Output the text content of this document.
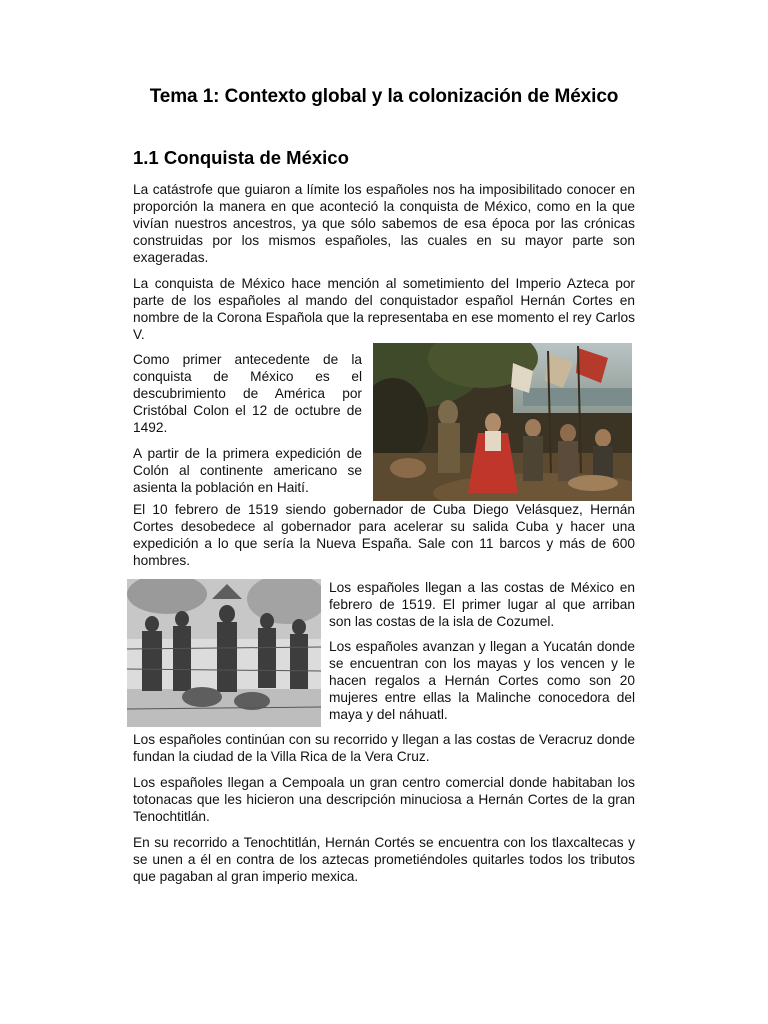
Tema 1: Contexto global y la colonización de México
1.1 Conquista de México

La catástrofe que guiaron a límite los españoles nos ha imposibilitado conocer en proporción la manera en que aconteció la conquista de México, como en la que vivían nuestros ancestros, ya que sólo sabemos de esa época por las crónicas construidas por los mismos españoles, las cuales en su mayor parte son exageradas.

La conquista de México hace mención al sometimiento del Imperio Azteca por parte de los españoles al mando del conquistador español Hernán Cortes en nombre de la Corona Española que la representaba en ese momento el rey Carlos V.

Como primer antecedente de la conquista de México es el descubrimiento de América por Cristóbal Colon el 12 de octubre de 1492.

A partir de la primera expedición de Colón al continente americano se asienta la población en Haití.

El 10 febrero de 1519 siendo gobernador de Cuba Diego Velásquez, Hernán Cortes desobedece al gobernador para acelerar su salida Cuba y hacer una expedición a lo que sería la Nueva España. Sale con 11 barcos y más de 600 hombres.

Los españoles llegan a las costas de México en febrero de 1519. El primer lugar al que arriban son las costas de la isla de Cozumel.

Los españoles avanzan y llegan a Yucatán donde se encuentran con los mayas y los vencen y le hacen regalos a Hernán Cortes como son 20 mujeres entre ellas la Malinche conocedora del maya y del náhuatl.

Los españoles continúan con su recorrido y llegan a las costas de Veracruz donde fundan la ciudad de la Villa Rica de la Vera Cruz.

Los españoles llegan a Cempoala un gran centro comercial donde habitaban los totonacas que les hicieron una descripción minuciosa a Hernán Cortes de la gran Tenochtitlán.

En su recorrido a Tenochtitlán, Hernán Cortés se encuentra con los tlaxcaltecas y se unen a él en contra de los aztecas prometiéndoles quitarles todos los tributos que pagaban al gran imperio mexica.
